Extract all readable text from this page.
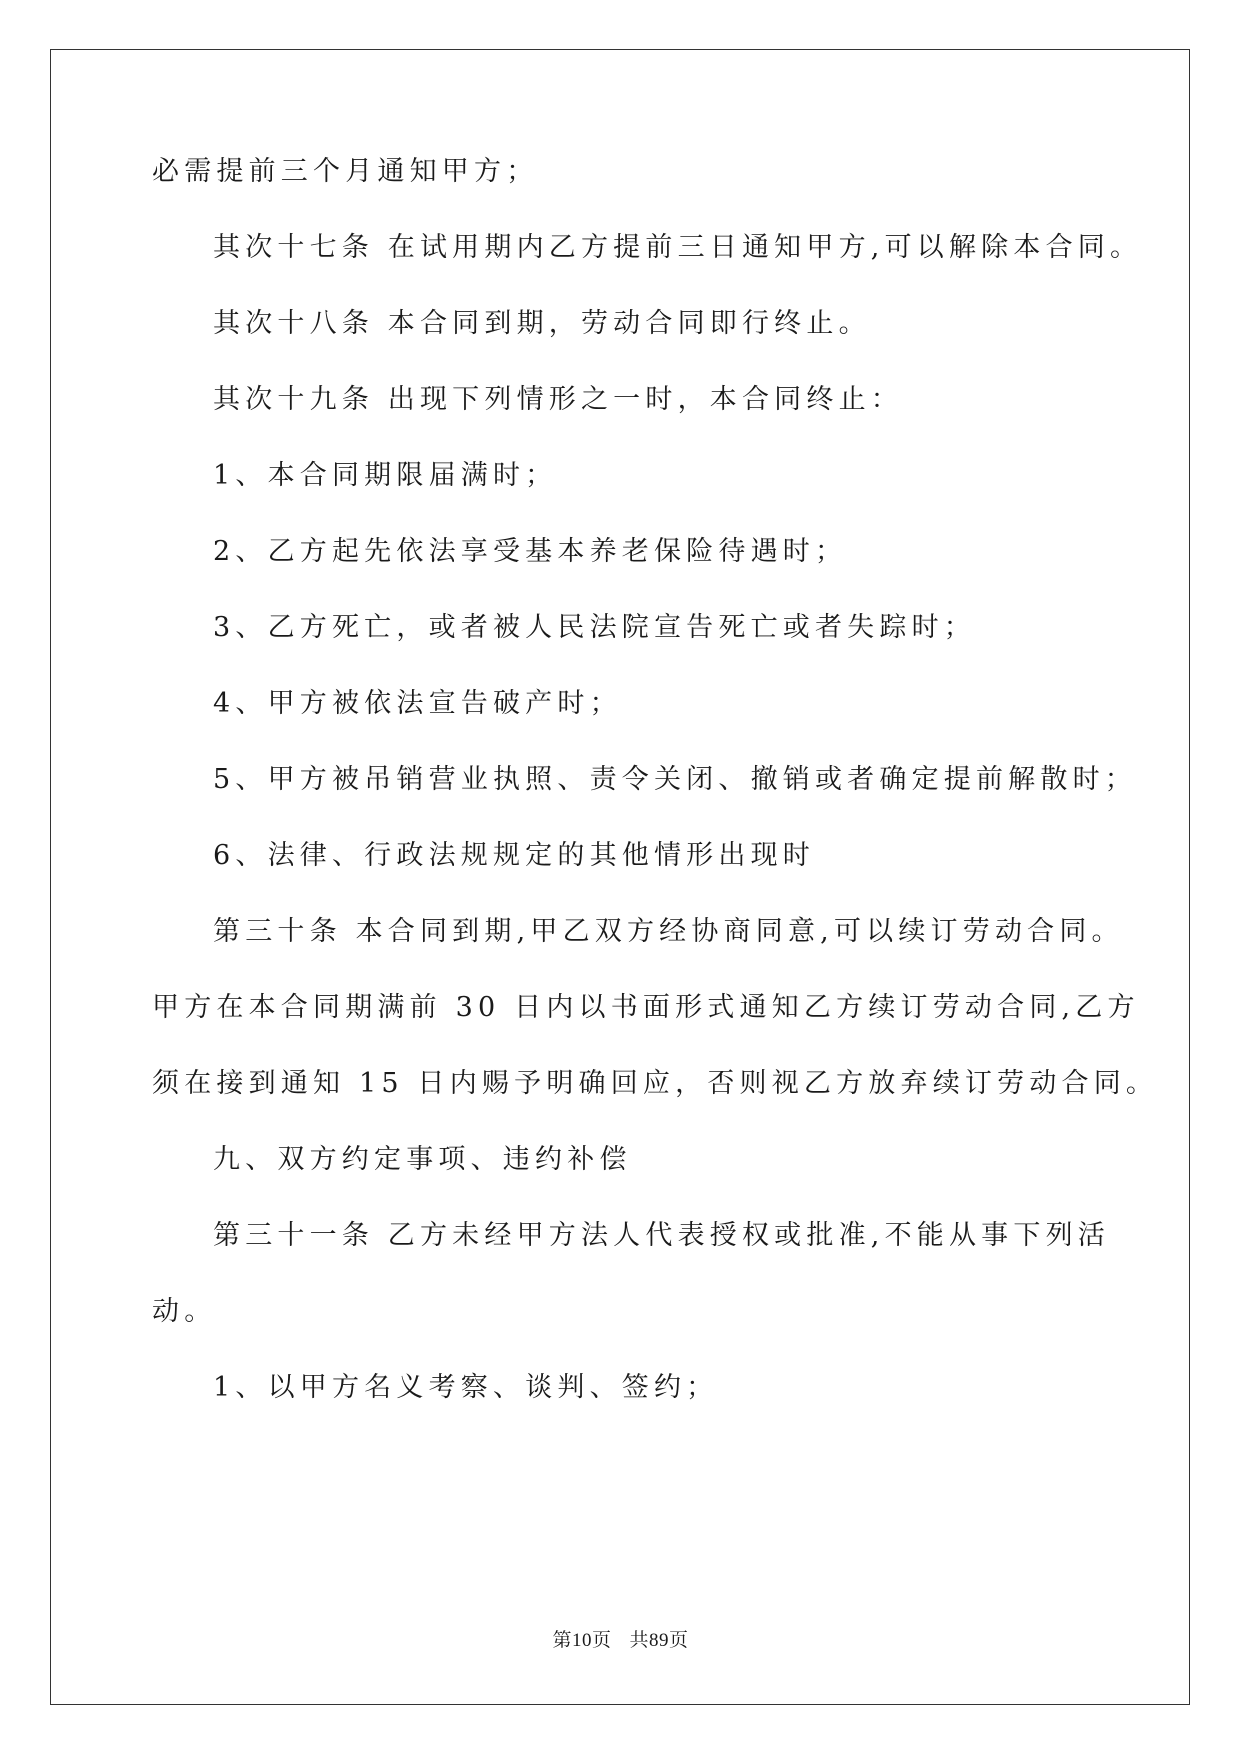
必需提前三个月通知甲方；
其次十七条 在试用期内乙方提前三日通知甲方,可以解除本合同。
其次十八条 本合同到期，劳动合同即行终止。
其次十九条 出现下列情形之一时，本合同终止：
1、本合同期限届满时；
2、乙方起先依法享受基本养老保险待遇时；
3、乙方死亡，或者被人民法院宣告死亡或者失踪时；
4、甲方被依法宣告破产时；
5、甲方被吊销营业执照、责令关闭、撤销或者确定提前解散时；
6、法律、行政法规规定的其他情形出现时
第三十条 本合同到期,甲乙双方经协商同意,可以续订劳动合同。
甲方在本合同期满前 30 日内以书面形式通知乙方续订劳动合同,乙方
须在接到通知 15 日内赐予明确回应，否则视乙方放弃续订劳动合同。
九、双方约定事项、违约补偿
第三十一条 乙方未经甲方法人代表授权或批准,不能从事下列活
动。
1、以甲方名义考察、谈判、签约；
第10页 共89页
